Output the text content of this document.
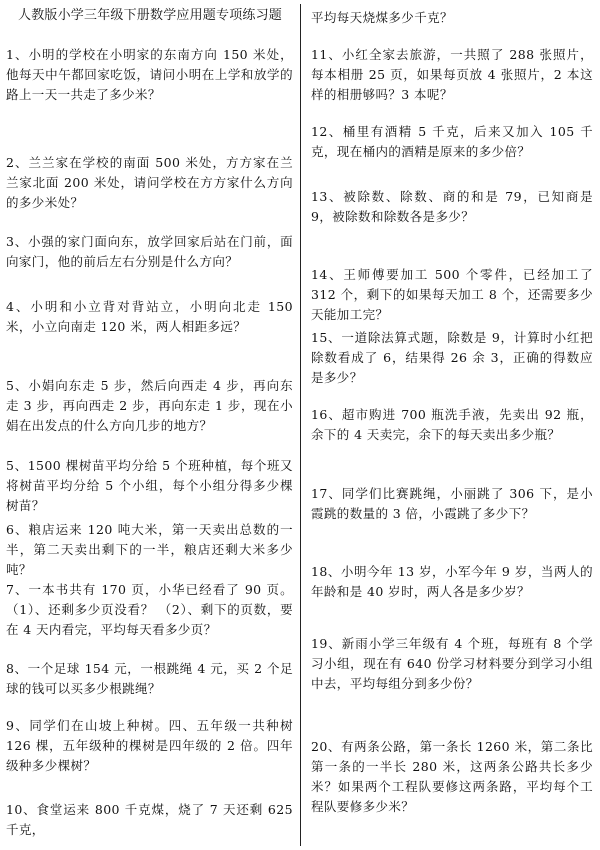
人教版小学三年级下册数学应用题专项练习题
1、小明的学校在小明家的东南方向 150 米处，他每天中午都回家吃饭，请问小明在上学和放学的路上一天一共走了多少米？
2、兰兰家在学校的南面 500 米处，方方家在兰兰家北面 200 米处，请问学校在方方家什么方向的多少米处？
3、小强的家门面向东，放学回家后站在门前，面向家门，他的前后左右分别是什么方向？
4、小明和小立背对背站立，小明向北走 150 米，小立向南走 120 米，两人相距多远？
5、小娟向东走 5 步，然后向西走 4 步，再向东走 3 步，再向西走 2 步，再向东走 1 步，现在小娟在出发点的什么方向几步的地方？
5、1500 棵树苗平均分给 5 个班种植，每个班又将树苗平均分给 5 个小组，每个小组分得多少棵树苗？
6、粮店运来 120 吨大米，第一天卖出总数的一半，第二天卖出剩下的一半，粮店还剩大米多少吨？
7、一本书共有 170 页，小华已经看了 90 页。（1）、还剩多少页没看？ （2）、剩下的页数，要在 4 天内看完，平均每天看多少页？
8、一个足球 154 元，一根跳绳 4 元，买 2 个足球的钱可以买多少根跳绳？
9、同学们在山坡上种树。四、五年级一共种树 126 棵，五年级种的棵树是四年级的 2 倍。四年级种多少棵树？
10、食堂运来 800 千克煤，烧了 7 天还剩 625 千克，
平均每天烧煤多少千克？
11、小红全家去旅游，一共照了 288 张照片，每本相册 25 页，如果每页放 4 张照片，2 本这样的相册够吗？3 本呢？
12、桶里有酒精 5 千克，后来又加入 105 千克，现在桶内的酒精是原来的多少倍？
13、被除数、除数、商的和是 79，已知商是 9，被除数和除数各是多少？
14、王师傅要加工 500 个零件，已经加工了 312 个，剩下的如果每天加工 8 个，还需要多少天能加工完？
15、一道除法算式题，除数是 9，计算时小红把除数看成了 6，结果得 26 余 3，正确的得数应是多少？
16、超市购进 700 瓶洗手液，先卖出 92 瓶，余下的 4 天卖完，余下的每天卖出多少瓶？
17、同学们比赛跳绳，小丽跳了 306 下，是小霞跳的数量的 3 倍，小霞跳了多少下？
18、小明今年 13 岁，小军今年 9 岁，当两人的年龄和是 40 岁时，两人各是多少岁？
19、新雨小学三年级有 4 个班，每班有 8 个学习小组，现在有 640 份学习材料要分到学习小组中去，平均每组分到多少份？
20、有两条公路，第一条长 1260 米，第二条比第一条的一半长 280 米，这两条公路共长多少米？如果两个工程队要修这两条路，平均每个工程队要修多少米？
